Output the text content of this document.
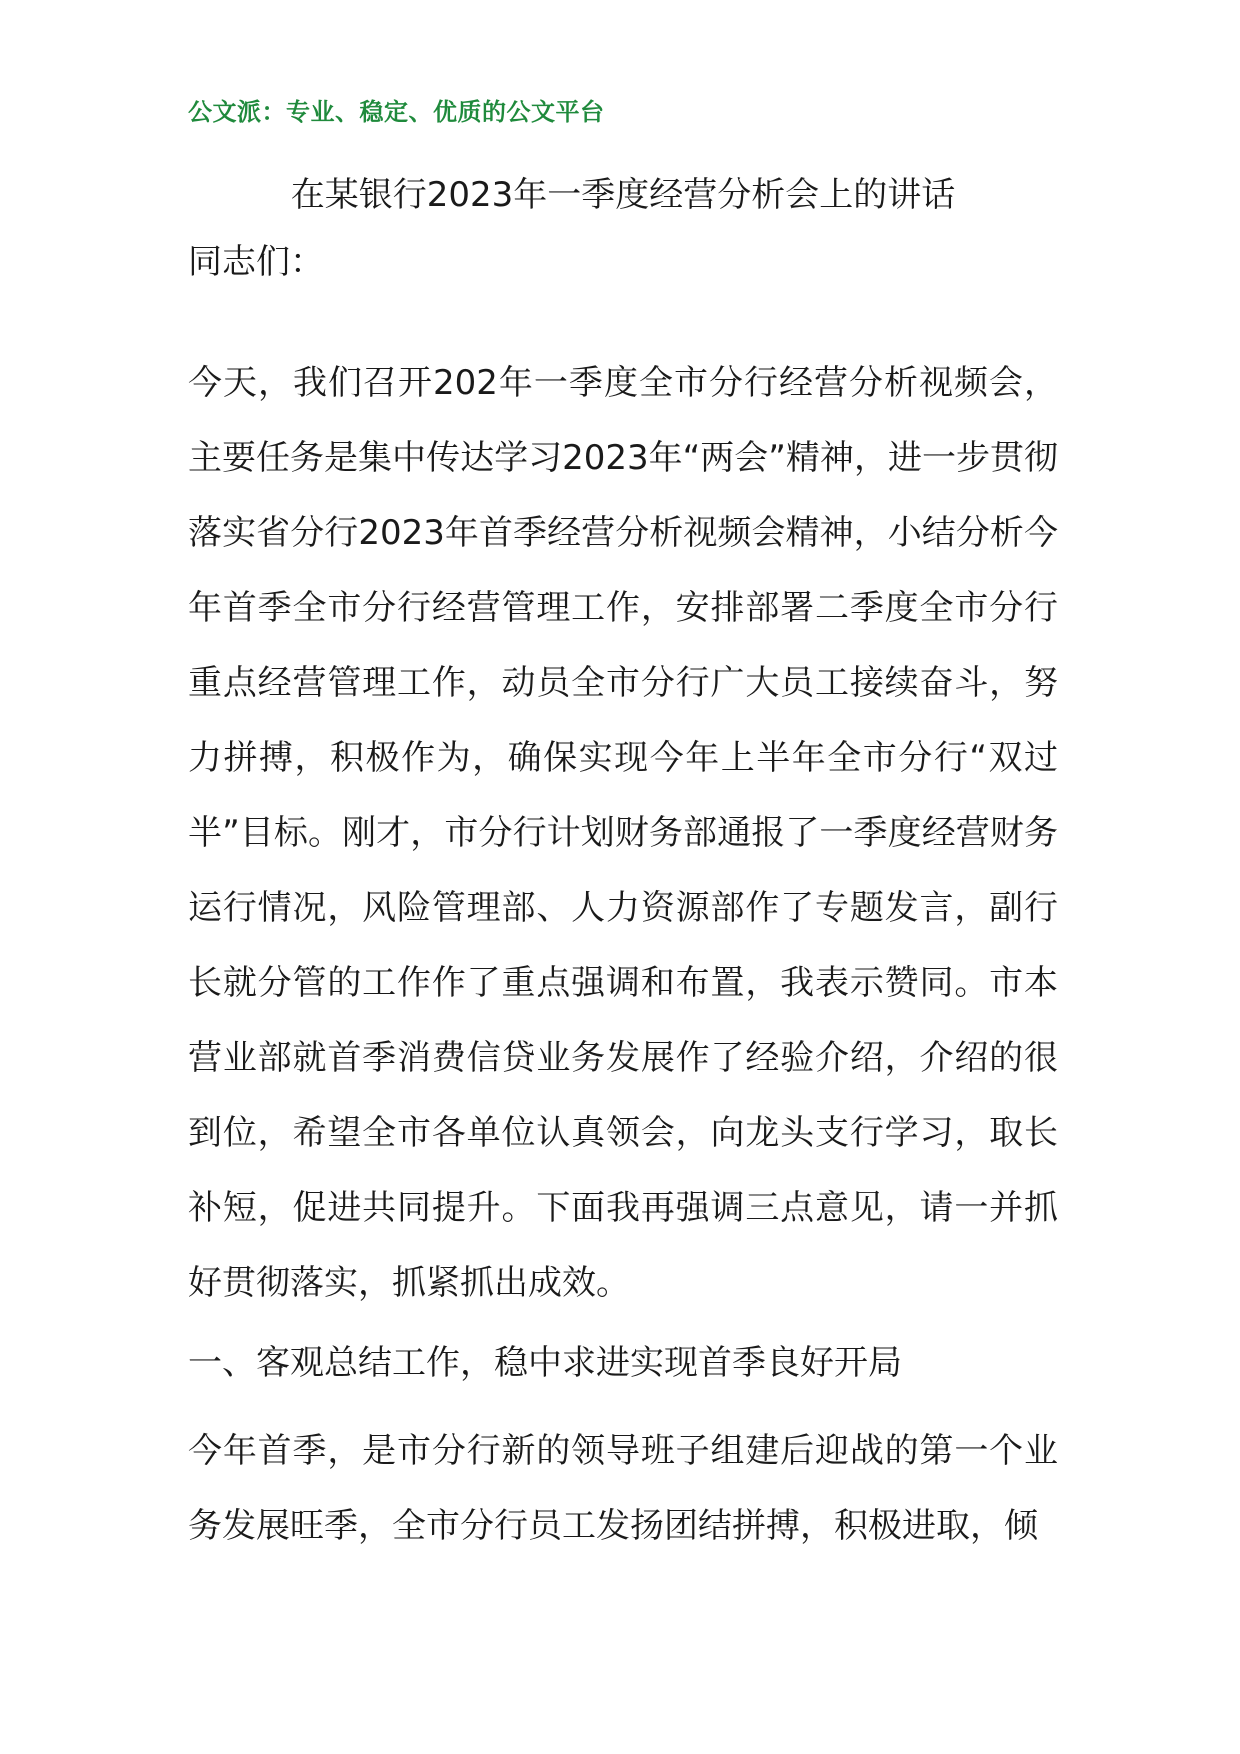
公文派：专业、稳定、优质的公文平台
在某银行2023年一季度经营分析会上的讲话
同志们：

今天，我们召开202年一季度全市分行经营分析视频会，主要任务是集中传达学习2023年“两会”精神，进一步贯彻落实省分行2023年首季经营分析视频会精神，小结分析今年首季全市分行经营管理工作，安排部署二季度全市分行重点经营管理工作，动员全市分行广大员工接续奋斗，努力拼搏，积极作为，确保实现今年上半年全市分行“双过半”目标。刚才，市分行计划财务部通报了一季度经营财务运行情况，风险管理部、人力资源部作了专题发言，副行长就分管的工作作了重点强调和布置，我表示赞同。市本营业部就首季消费信贷业务发展作了经验介绍，介绍的很到位，希望全市各单位认真领会，向龙头支行学习，取长补短，促进共同提升。下面我再强调三点意见，请一并抓好贯彻落实，抓紧抓出成效。

一、客观总结工作，稳中求进实现首季良好开局

今年首季，是市分行新的领导班子组建后迎战的第一个业务发展旺季，全市分行员工发扬团结拼搏，积极进取，倾
